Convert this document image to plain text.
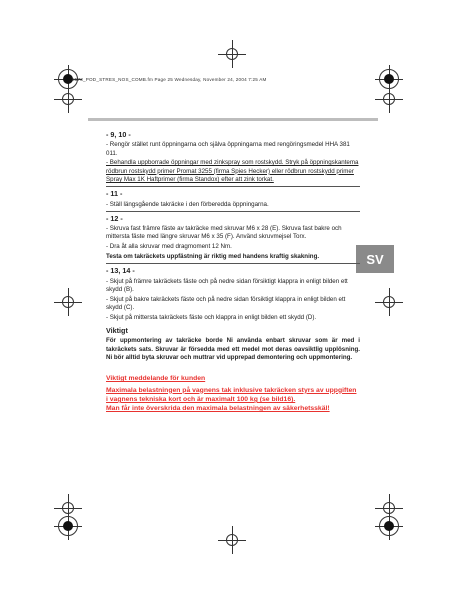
8573_POD_STRES_NOS_COMB.fm Page 25 Wednesday, November 24, 2004 7:25 AM
SV
- 9, 10 -
- Rengör stället runt öppningarna och själva öppningarna med rengöringsmedel HHA 381 011.
- Behandla uppborrade öppningar med zinkspray som rostskydd. Stryk på öppningskantema rödbrun rostskydd primer Promat 3255 (firma Spies Hecker) eller rödbrun rostskydd primer Spray Max 1K Haftprimer (firma Standox) efter att zink torkat.
- 11 -
- Ställ längsgående takräcke i den förberedda öppningarna.
- 12 -
- Skruva fast främre fäste av takräcke med skruvar M6 x 28 (E). Skruva fast bakre och mittersta fäste med längre skruvar M6 x 35 (F). Använd skruvmejsel Torx.
- Dra åt alla skruvar med dragmoment 12 Nm.
Testa om takräckets uppfästning är riktig med handens kraftig skakning.
- 13, 14 -
- Skjut på främre takräckets fäste och på nedre sidan försiktigt klappra in enligt bilden ett skydd (B).
- Skjut på bakre takräckets fäste och på nedre sidan försiktigt klappra in enligt bilden ett skydd (C).
- Skjut på mittersta takräckets fäste och klappra in enligt bilden ett skydd (D).
Viktigt
För uppmontering av takräcke borde Ni använda enbart skruvar som är med i takräckets sats. Skruvar är försedda med ett medel mot deras oavsiktlig upplösning. Ni bör alltid byta skruvar och muttrar vid upprepad demontering och uppmontering.
Viktigt meddelande för kunden
Maximala belastningen på vagnens tak inklusive takräcken styrs av uppgiften i vagnens tekniska kort och är maximalt 100 kg (se bild16).
Man får inte överskrida den maximala belastningen av säkerhetsskäl!
